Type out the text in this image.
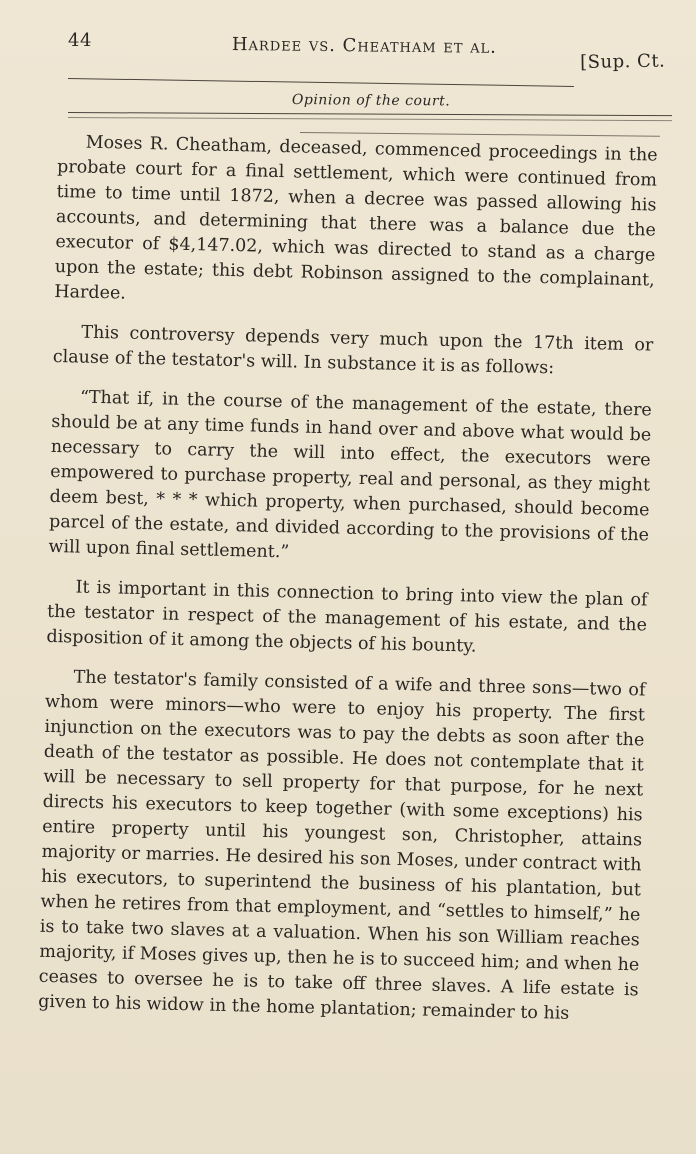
44	Hardee vs. Cheatham et al.
[Sup. Ct.
Opinion of the court.

Moses R. Cheatham, deceased, commenced proceedings in the probate court for a final settlement, which were continued from time to time until 1872, when a decree was passed allowing his accounts, and determining that there was a balance due the executor of $4,147.02, which was directed to stand as a charge upon the estate; this debt Robinson assigned to the complainant, Hardee.

This controversy depends very much upon the 17th item or clause of the testator's will. In substance it is as follows:

“That if, in the course of the management of the estate, there should be at any time funds in hand over and above what would be necessary to carry the will into effect, the executors were empowered to purchase property, real and personal, as they might deem best, * * * which property, when purchased, should become parcel of the estate, and divided according to the provisions of the will upon final settlement.”

It is important in this connection to bring into view the plan of the testator in respect of the management of his estate, and the disposition of it among the objects of his bounty.

The testator's family consisted of a wife and three sons—two of whom were minors—who were to enjoy his property. The first injunction on the executors was to pay the debts as soon after the death of the testator as possible. He does not contemplate that it will be necessary to sell property for that purpose, for he next directs his executors to keep together (with some exceptions) his entire property until his youngest son, Christopher, attains majority or marries. He desired his son Moses, under contract with his executors, to superintend the business of his plantation, but when he retires from that employment, and “settles to himself,” he is to take two slaves at a valuation. When his son William reaches majority, if Moses gives up, then he is to succeed him; and when he ceases to oversee he is to take off three slaves. A life estate is given to his widow in the home plantation; remainder to his
